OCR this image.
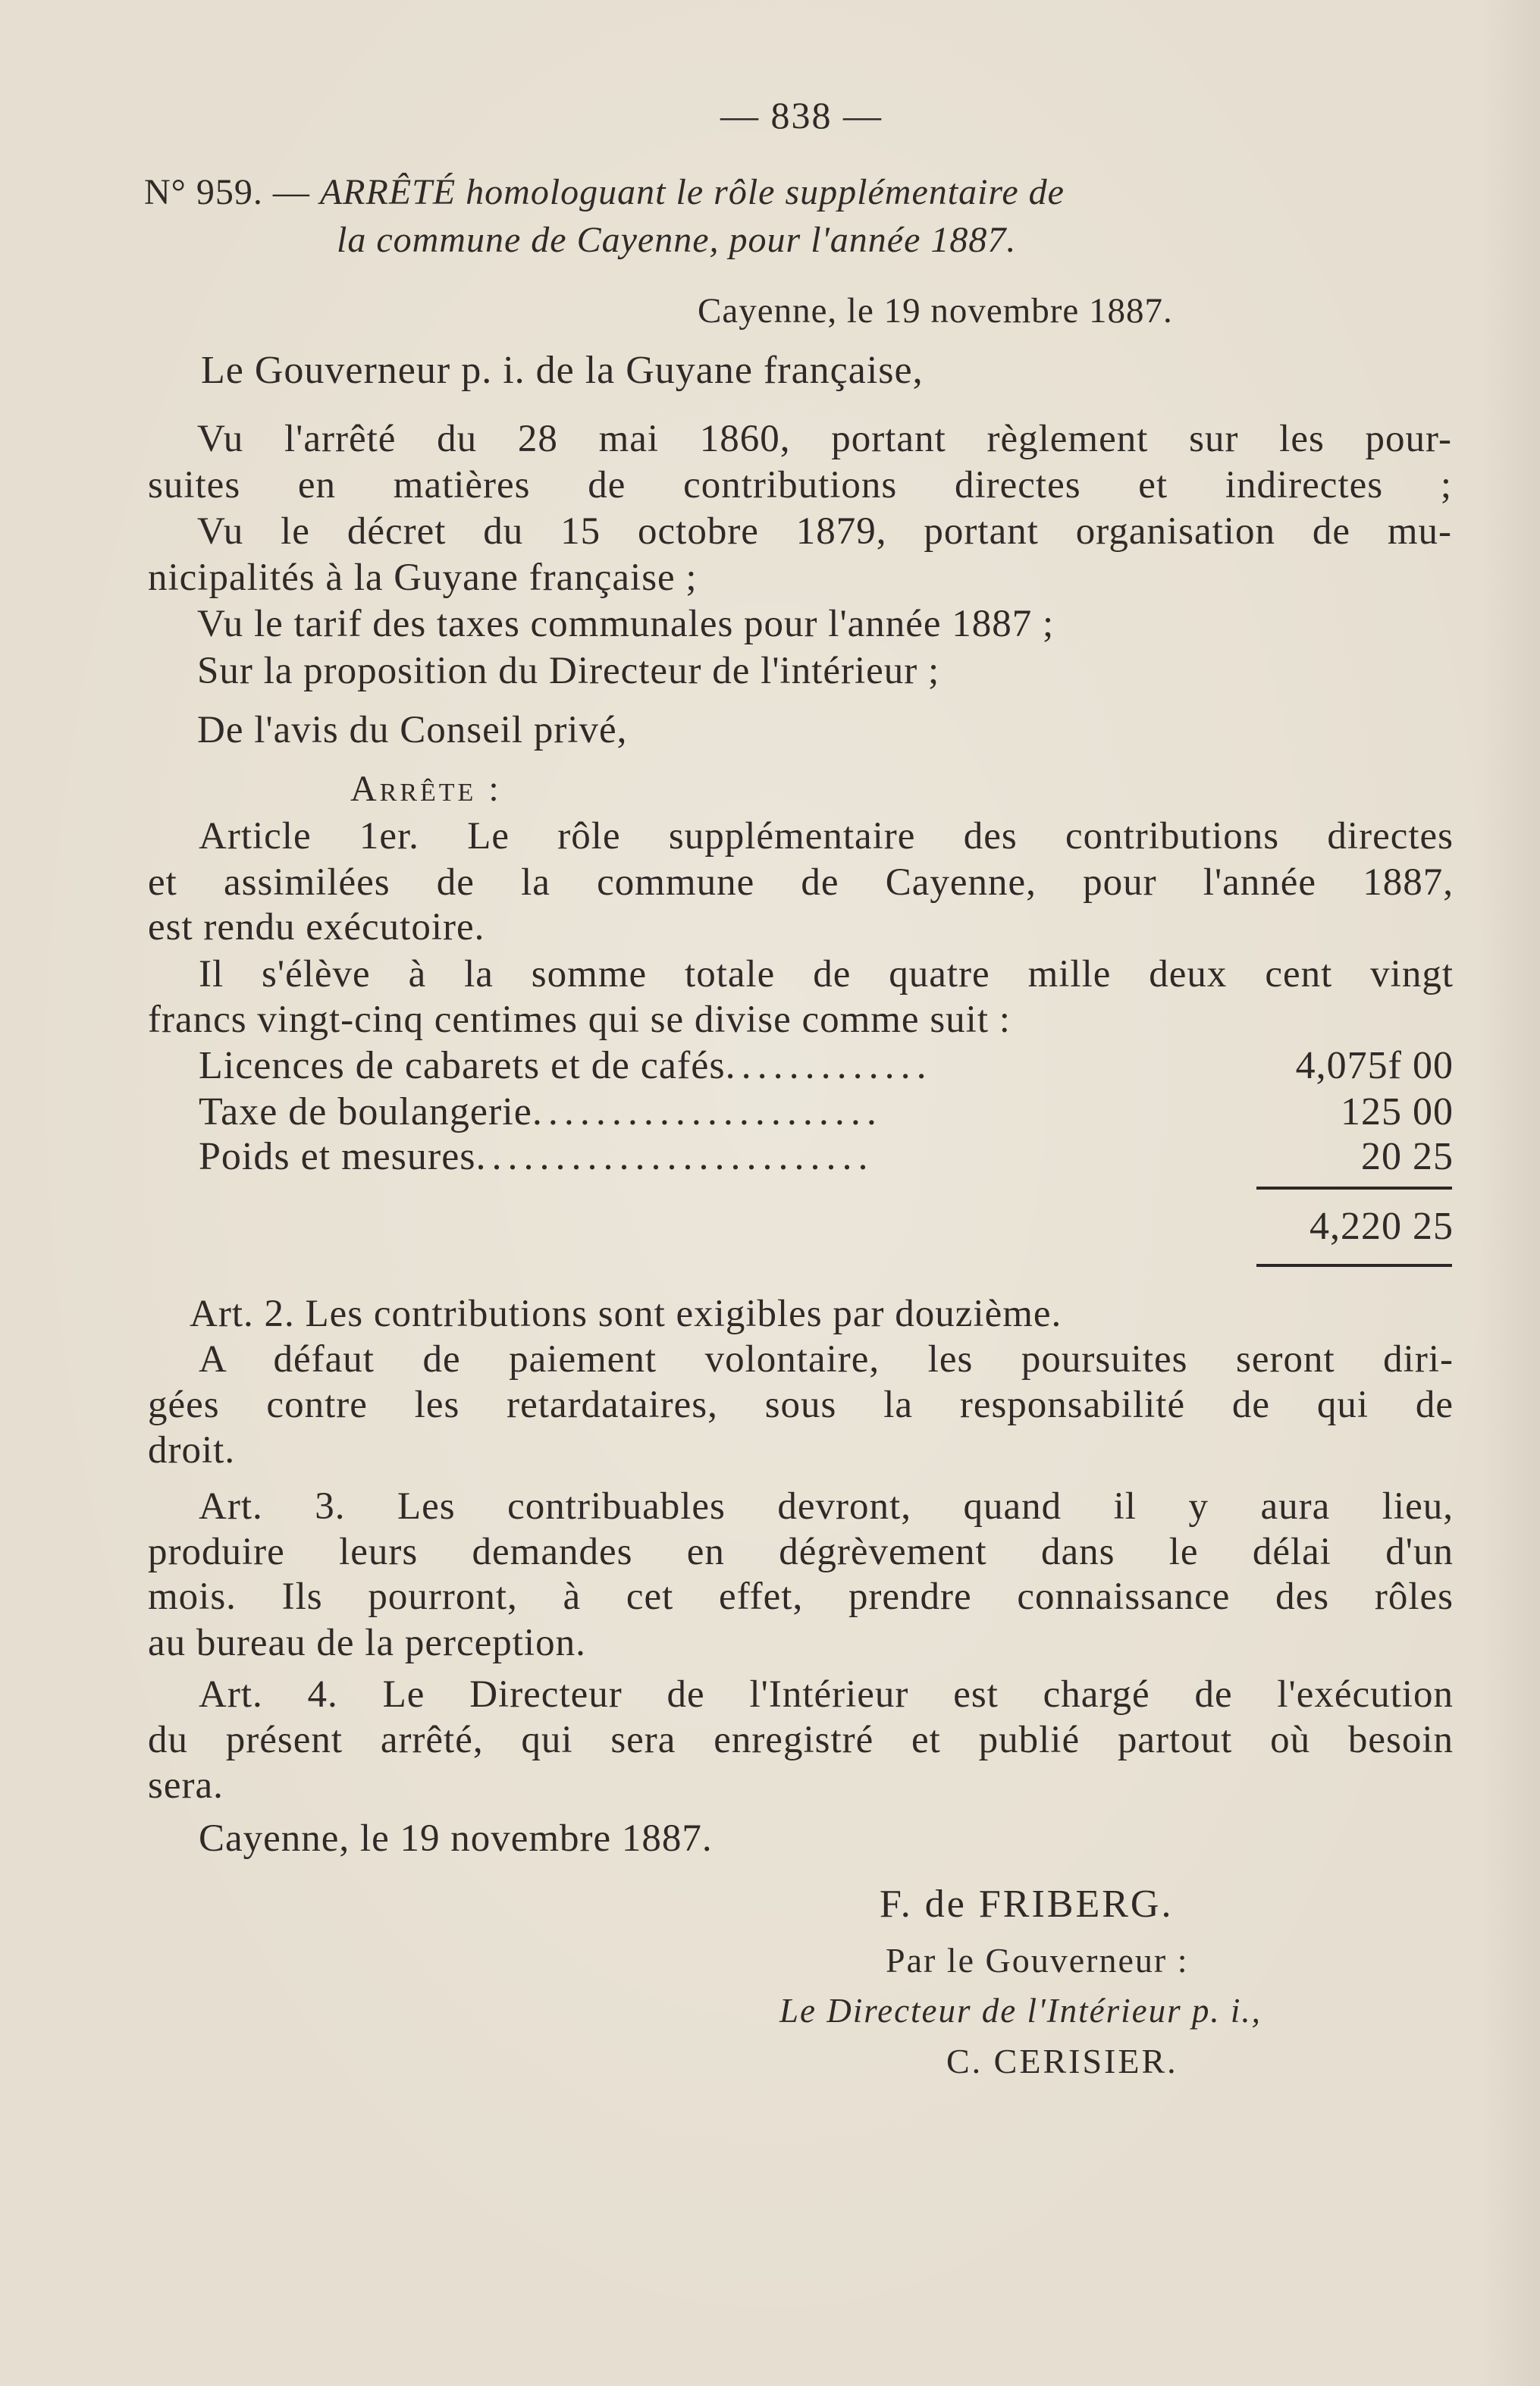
— 838 —
N° 959. — ARRÊTÉ homologuant le rôle supplémentaire de
la commune de Cayenne, pour l'année 1887.
Cayenne, le 19 novembre 1887.
Le Gouverneur p. i. de la Guyane française,
Vu l'arrêté du 28 mai 1860, portant règlement sur les pour-
suites en matières de contributions directes et indirectes ;
Vu le décret du 15 octobre 1879, portant organisation de mu-
nicipalités à la Guyane française ;
Vu le tarif des taxes communales pour l'année 1887 ;
Sur la proposition du Directeur de l'intérieur ;
De l'avis du Conseil privé,
Arrête :
Article 1er. Le rôle supplémentaire des contributions directes
et assimilées de la commune de Cayenne, pour l'année 1887,
est rendu exécutoire.
Il s'élève à la somme totale de quatre mille deux cent vingt
francs vingt-cinq centimes qui se divise comme suit :
Licences de cabarets et de cafés.............	4,075f 00
Taxe de boulangerie......................	125 00
Poids et mesures.........................	20 25
4,220 25
Art. 2. Les contributions sont exigibles par douzième.
A défaut de paiement volontaire, les poursuites seront diri-
gées contre les retardataires, sous la responsabilité de qui de
droit.
Art. 3. Les contribuables devront, quand il y aura lieu,
produire leurs demandes en dégrèvement dans le délai d'un
mois. Ils pourront, à cet effet, prendre connaissance des rôles
au bureau de la perception.
Art. 4. Le Directeur de l'Intérieur est chargé de l'exécution
du présent arrêté, qui sera enregistré et publié partout où besoin
sera.
Cayenne, le 19 novembre 1887.
F. de FRIBERG.
Par le Gouverneur :
Le Directeur de l'Intérieur p. i.,
C. CERISIER.
